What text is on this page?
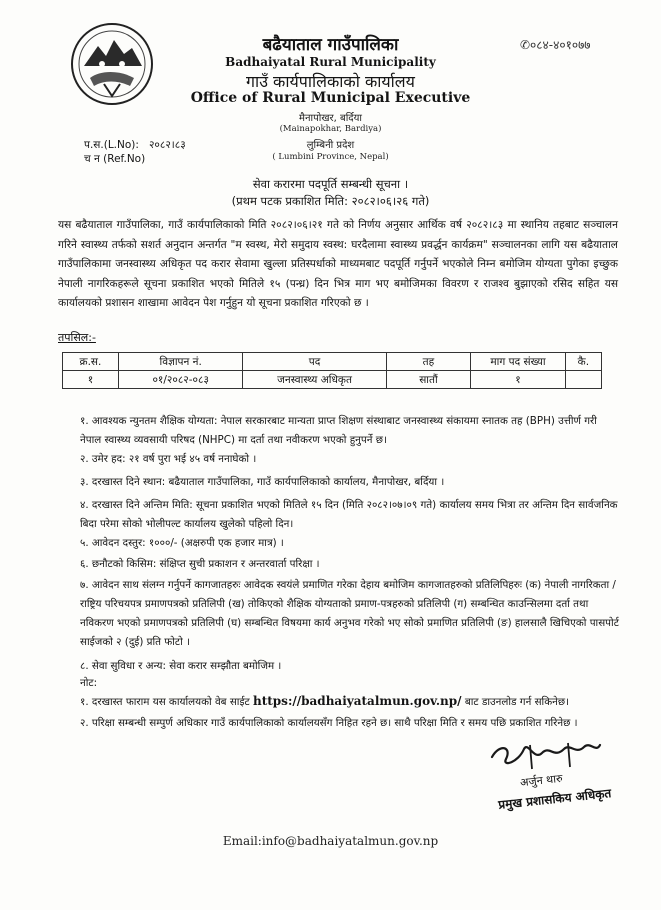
✆०८४-४०१०७७
बढैयाताल गाउँपालिका
Badhaiyatal Rural Municipality
गाउँ कार्यपालिकाको कार्यालय
Office of Rural Municipal Executive
मैनापोखर, बर्दिया
(Mainapokhar, Bardiya)
लुम्बिनी प्रदेश
( Lumbini Province, Nepal)
प.स.(L.No): २०८२।८३
च न (Ref.No)
सेवा करारमा पदपूर्ति सम्बन्धी सूचना ।
(प्रथम पटक प्रकाशित मिति: २०८२।०६।२६ गते)
यस बढैयाताल गाउँपालिका, गाउँ कार्यपालिकाको मिति २०८२।०६।२१ गते को निर्णय अनुसार आर्थिक वर्ष २०८२।८३ मा स्थानिय तहबाट सञ्चालन गरिने स्वास्थ्य तर्फको सशर्त अनुदान अन्तर्गत "म स्वस्थ, मेरो समुदाय स्वस्थ: घरदैलामा स्वास्थ्य प्रवर्द्धन कार्यक्रम" सञ्चालनका लागि यस बढैयाताल गाउँपालिकामा जनस्वास्थ्य अधिकृत पद करार सेवामा खुल्ला प्रतिस्पर्धाको माध्यमबाट पदपूर्ति गर्नुपर्ने भएकोले निम्न बमोजिम योग्यता पुगेका इच्छुक नेपाली नागरिकहरूले सूचना प्रकाशित भएको मितिले १५ (पन्ध्र) दिन भित्र माग भए बमोजिमका विवरण र राजश्व बुझाएको रसिद सहित यस कार्यालयको प्रशासन शाखामा आवेदन पेश गर्नुहुन यो सूचना प्रकाशित गरिएको छ ।
तपसिल:-
क्र.स.	विज्ञापन नं.	पद	तह	माग पद संख्या	कै.
१	०१/२०८२-०८३	जनस्वास्थ्य अधिकृत	सातौं	१	
१. आवश्यक न्युनतम शैक्षिक योग्यता: नेपाल सरकारबाट मान्यता प्राप्त शिक्षण संस्थाबाट जनस्वास्थ्य संकायमा स्नातक तह (BPH) उत्तीर्ण गरी नेपाल स्वास्थ्य व्यवसायी परिषद (NHPC) मा दर्ता तथा नवीकरण भएको हुनुपर्ने छ।
२. उमेर हद: २१ वर्ष पुरा भई ४५ वर्ष ननाघेको ।
३. दरखास्त दिने स्थान: बढैयाताल गाउँपालिका, गाउँ कार्यपालिकाको कार्यालय, मैनापोखर, बर्दिया ।
४. दरखास्त दिने अन्तिम मिति: सूचना प्रकाशित भएको मितिले १५ दिन (मिति २०८२।०७।०९ गते) कार्यालय समय भित्रा तर अन्तिम दिन सार्वजनिक बिदा परेमा सोको भोलीपल्ट कार्यालय खुलेको पहिलो दिन।
५. आवेदन दस्तुर: १०००/- (अक्षरुपी एक हजार मात्र) ।
६. छनौटको किसिम: संक्षिप्त सुची प्रकाशन र अन्तरवार्ता परिक्षा ।
७. आवेदन साथ संलग्न गर्नुपर्ने कागजातहरुः आवेदक स्वयंले प्रमाणित गरेका देहाय बमोजिम कागजातहरुको प्रतिलिपिहरुः (क) नेपाली नागरिकता / राष्ट्रिय परिचयपत्र प्रमाणपत्रको प्रतिलिपी (ख) तोकिएको शैक्षिक योग्यताको प्रमाण-पत्रहरुको प्रतिलिपी (ग) सम्बन्धित काउन्सिलमा दर्ता तथा नविकरण भएको प्रमाणपत्रको प्रतिलिपी (घ) सम्बन्धित विषयमा कार्य अनुभव गरेको भए सोको प्रमाणित प्रतिलिपी (ङ) हालसालै खिचिएको पासपोर्ट साईजको २ (दुई) प्रति फोटो ।
८. सेवा सुविधा र अन्य: सेवा करार सम्झौता बमोजिम ।
नोट:
१. दरखास्त फाराम यस कार्यालयको वेब साईट https://badhaiyatalmun.gov.np/ बाट डाउनलोड गर्न सकिनेछ।
२. परिक्षा सम्बन्धी सम्पुर्ण अधिकार गाउँ कार्यपालिकाको कार्यालयसँग निहित रहने छ। साथै परिक्षा मिति र समय पछि प्रकाशित गरिनेछ ।
अर्जुन थारु
प्रमुख प्रशासकिय अधिकृत
Email:info@badhaiyatalmun.gov.np
